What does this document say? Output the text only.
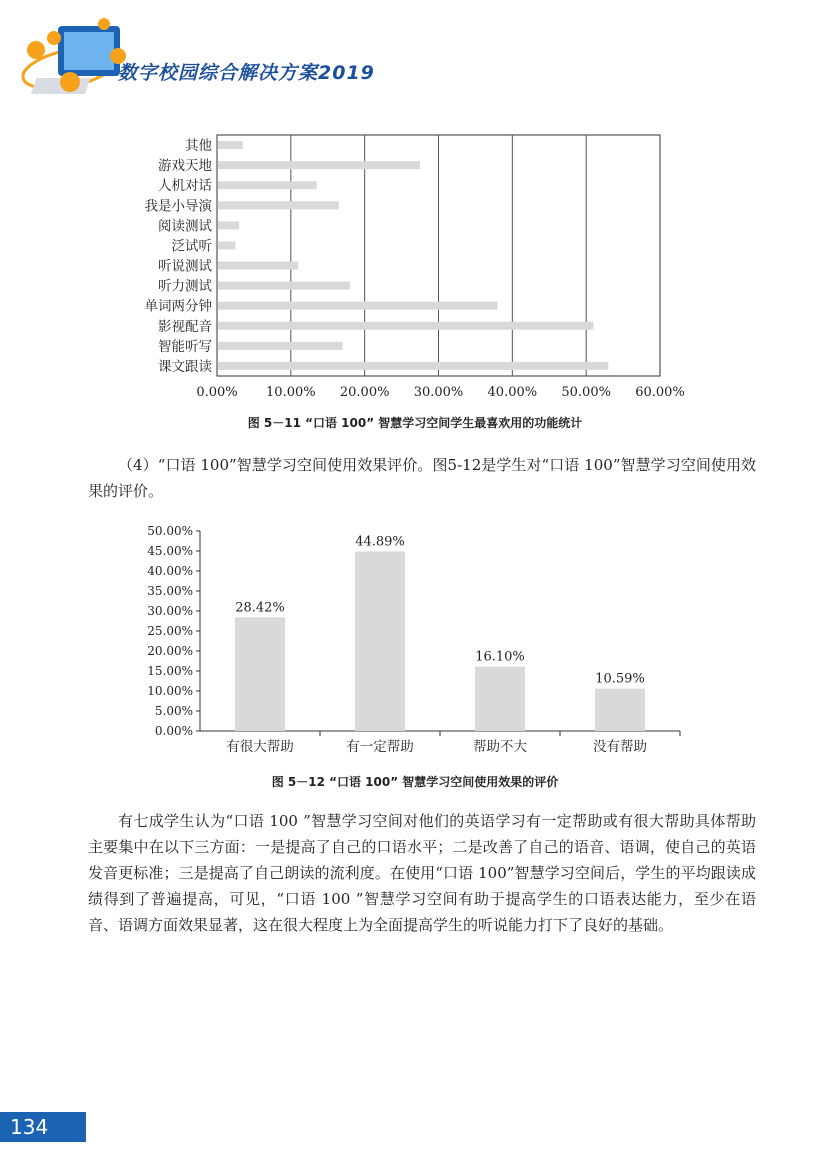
数字校园综合解决方案2019
0.00% 10.00% 20.00% 30.00% 40.00% 50.00% 60.00%
其他
游戏天地
人机对话
我是小导演
阅读测试
泛试听
听说测试
听力测试
单词两分钟
影视配音
智能听写
课文跟读
图 5－11 “口语 100” 智慧学习空间学生最喜欢用的功能统计

（4）“口语 100”智慧学习空间使用效果评价。图5-12是学生对“口语 100”智慧学习空间使用效果的评价。

0.00%
5.00%
10.00%
15.00%
20.00%
25.00%
30.00%
35.00%
40.00%
45.00%
50.00%
28.42%
有很大帮助
44.89%
有一定帮助
16.10%
帮助不大
10.59%
没有帮助
图 5－12 “口语 100” 智慧学习空间使用效果的评价

有七成学生认为“口语 100 ”智慧学习空间对他们的英语学习有一定帮助或有很大帮助具体帮助主要集中在以下三方面：一是提高了自己的口语水平；二是改善了自己的语音、语调，使自己的英语发音更标准；三是提高了自己朗读的流利度。在使用“口语 100”智慧学习空间后，学生的平均跟读成绩得到了普遍提高，可见，“口语 100 ”智慧学习空间有助于提高学生的口语表达能力，至少在语音、语调方面效果显著，这在很大程度上为全面提高学生的听说能力打下了良好的基础。

134
